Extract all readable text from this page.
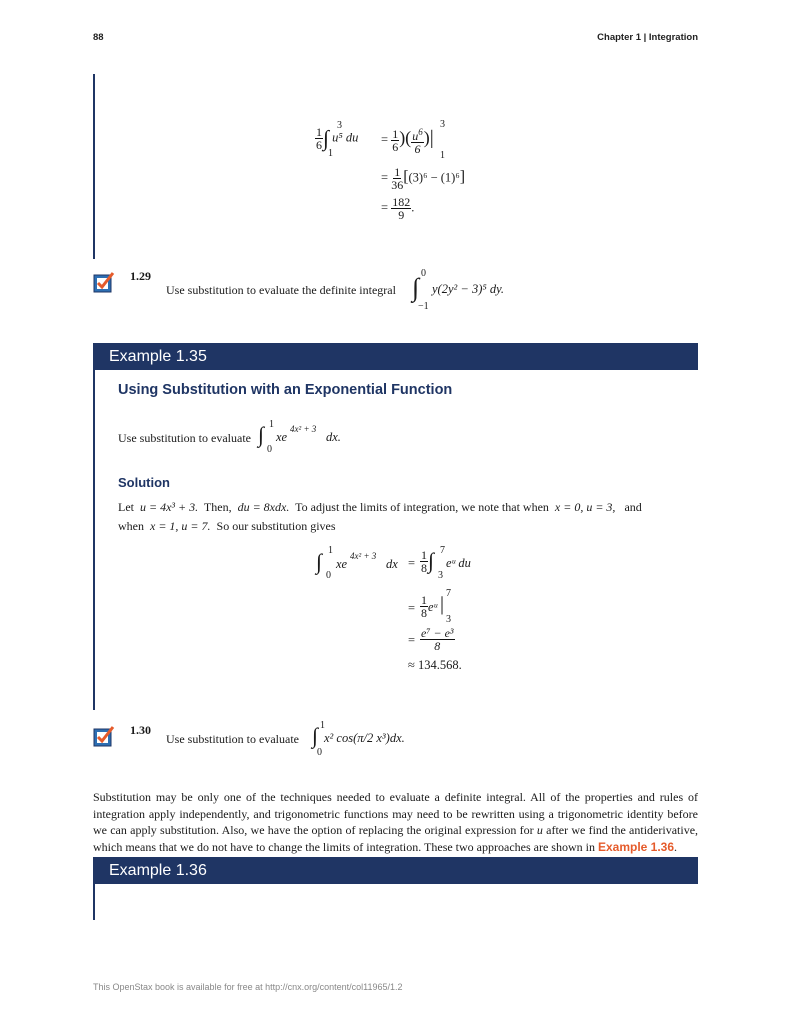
88	Chapter 1 | Integration
$\frac{1}{6}$ ∫ u⁵ du
3
1
= $\frac{1}{6}$ )( $\frac{u^6}{6}$ )|
3
1
= $\frac{1}{36} [(3)^6 - (1)^6]$
= $\frac{182}{9}$ .
1.29
Use substitution to evaluate the definite integral ∫ 0
−1
y(2y² − 3)⁵ dy.
Example 1.35
Using Substitution with an Exponential Function
Use substitution to evaluate ∫ 1
0
xe
4x² + 3
dx.
Solution
Let u = 4x³ + 3. Then, du = 8xdx. To adjust the limits of integration, we note that when x = 0, u = 3, and
when x = 1, u = 7. So our substitution gives
∫ 1
0
xe
4x² + 3
dx = $\frac{1}{8}$ ∫ 7
3
eᵘ du
= $\frac{1}{8}$ eᵘ | 7
3
= $\frac{\text{e⁷ − e³}}{8}$
≈ 134.568.
1.30
Use substitution to evaluate ∫ 1
0
x² cos(π/2 x³)dx.
Substitution may be only one of the techniques needed to evaluate a definite integral. All of the properties and rules of integration apply independently, and trigonometric functions may need to be rewritten using a trigonometric identity before we can apply substitution. Also, we have the option of replacing the original expression for u after we find the antiderivative, which means that we do not have to change the limits of integration. These two approaches are shown in Example 1.36.
Example 1.36
This OpenStax book is available for free at http://cnx.org/content/col11965/1.2
